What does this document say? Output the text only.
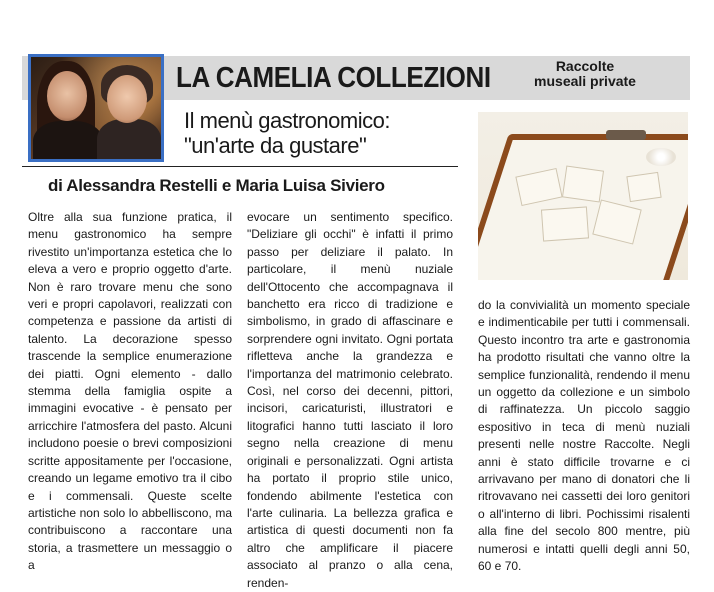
LA CAMELIA COLLEZIONI	Raccolte museali private

Il menù gastronomico:
"un'arte da gustare"

di Alessandra Restelli e Maria Luisa Siviero

Oltre alla sua funzione pratica, il menu gastronomico ha sempre rivestito un'importanza estetica che lo eleva a vero e proprio oggetto d'arte. Non è raro trovare menu che sono veri e propri capolavori, realizzati con competenza e passione da artisti di talento. La decorazione spesso trascende la semplice enumerazione dei piatti. Ogni elemento - dallo stemma della famiglia ospite a immagini evocative - è pensato per arricchire l'atmosfera del pasto. Alcuni includono poesie o brevi composizioni scritte appositamente per l'occasione, creando un legame emotivo tra il cibo e i commensali. Queste scelte artistiche non solo lo abbelliscono, ma contribuiscono a raccontare una storia, a trasmettere un messaggio o a

evocare un sentimento specifico. "Deliziare gli occhi" è infatti il primo passo per deliziare il palato. In particolare, il menù nuziale dell'Ottocento che accompagnava il banchetto era ricco di tradizione e simbolismo, in grado di affascinare e sorprendere ogni invitato. Ogni portata rifletteva anche la grandezza e l'importanza del matrimonio celebrato. Così, nel corso dei decenni, pittori, incisori, caricaturisti, illustratori e litografici hanno tutti lasciato il loro segno nella creazione di menu originali e personalizzati. Ogni artista ha portato il proprio stile unico, fondendo abilmente l'estetica con l'arte culinaria. La bellezza grafica e artistica di questi documenti non fa altro che amplificare il piacere associato al pranzo o alla cena, renden-

do la convivialità un momento speciale e indimenticabile per tutti i commensali. Questo incontro tra arte e gastronomia ha prodotto risultati che vanno oltre la semplice funzionalità, rendendo il menu un oggetto da collezione e un simbolo di raffinatezza. Un piccolo saggio espositivo in teca di menù nuziali presenti nelle nostre Raccolte. Negli anni è stato difficile trovarne e ci arrivavano per mano di donatori che li ritrovavano nei cassetti dei loro genitori o all'interno di libri. Pochissimi risalenti alla fine del secolo 800 mentre, più numerosi e intatti quelli degli anni 50, 60 e 70.
